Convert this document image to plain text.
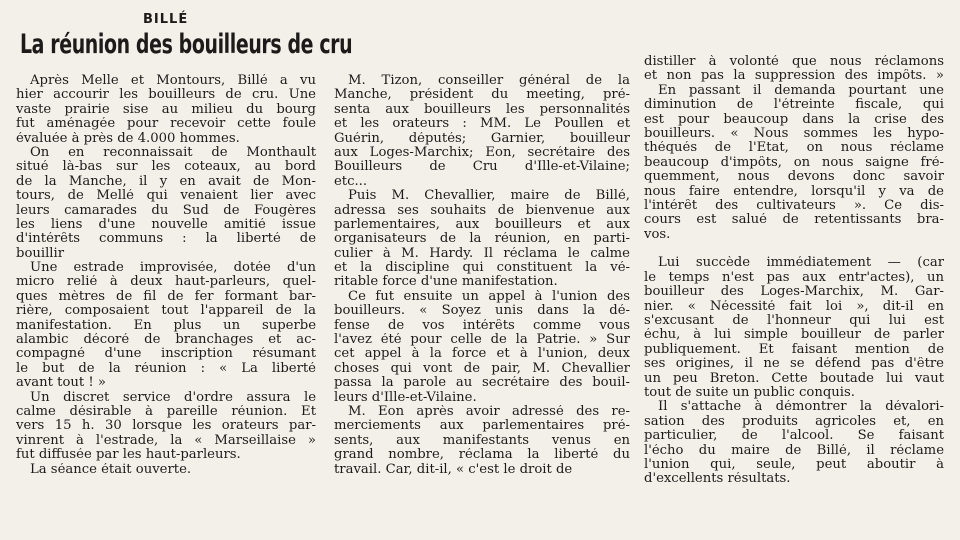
BILLÉ
La réunion des bouilleurs de cru
Après Melle et Montours, Billé a vu
hier accourir les bouilleurs de cru. Une
vaste prairie sise au milieu du bourg
fut aménagée pour recevoir cette foule
évaluée à près de 4.000 hommes.
On en reconnaissait de Monthault
situé là-bas sur les coteaux, au bord
de la Manche, il y en avait de Mon-
tours, de Mellé qui venaient lier avec
leurs camarades du Sud de Fougères
les liens d'une nouvelle amitié issue
d'intérêts communs : la liberté de
bouillir
Une estrade improvisée, dotée d'un
micro relié à deux haut-parleurs, quel-
ques mètres de fil de fer formant bar-
rière, composaient tout l'appareil de la
manifestation. En plus un superbe
alambic décoré de branchages et ac-
compagné d'une inscription résumant
le but de la réunion : « La liberté
avant tout ! »
Un discret service d'ordre assura le
calme désirable à pareille réunion. Et
vers 15 h. 30 lorsque les orateurs par-
vinrent à l'estrade, la « Marseillaise »
fut diffusée par les haut-parleurs.
La séance était ouverte.
M. Tizon, conseiller général de la
Manche, président du meeting, pré-
senta aux bouilleurs les personnalités
et les orateurs : MM. Le Poullen et
Guérin, députés; Garnier, bouilleur
aux Loges-Marchix; Eon, secrétaire des
Bouilleurs de Cru d'Ille-et-Vilaine;
etc...
Puis M. Chevallier, maire de Billé,
adressa ses souhaits de bienvenue aux
parlementaires, aux bouilleurs et aux
organisateurs de la réunion, en parti-
culier à M. Hardy. Il réclama le calme
et la discipline qui constituent la vé-
ritable force d'une manifestation.
Ce fut ensuite un appel à l'union des
bouilleurs. « Soyez unis dans la dé-
fense de vos intérêts comme vous
l'avez été pour celle de la Patrie. » Sur
cet appel à la force et à l'union, deux
choses qui vont de pair, M. Chevallier
passa la parole au secrétaire des bouil-
leurs d'Ille-et-Vilaine.
M. Eon après avoir adressé des re-
merciements aux parlementaires pré-
sents, aux manifestants venus en
grand nombre, réclama la liberté du
travail. Car, dit-il, « c'est le droit de
distiller à volonté que nous réclamons
et non pas la suppression des impôts. »
En passant il demanda pourtant une
diminution de l'étreinte fiscale, qui
est pour beaucoup dans la crise des
bouilleurs. « Nous sommes les hypo-
théqués de l'Etat, on nous réclame
beaucoup d'impôts, on nous saigne fré-
quemment, nous devons donc savoir
nous faire entendre, lorsqu'il y va de
l'intérêt des cultivateurs ». Ce dis-
cours est salué de retentissants bra-
vos.
Lui succède immédiatement — (car
le temps n'est pas aux entr'actes), un
bouilleur des Loges-Marchix, M. Gar-
nier. « Nécessité fait loi », dit-il en
s'excusant de l'honneur qui lui est
échu, à lui simple bouilleur de parler
publiquement. Et faisant mention de
ses origines, il ne se défend pas d'être
un peu Breton. Cette boutade lui vaut
tout de suite un public conquis.
Il s'attache à démontrer la dévalori-
sation des produits agricoles et, en
particulier, de l'alcool. Se faisant
l'écho du maire de Billé, il réclame
l'union qui, seule, peut aboutir à
d'excellents résultats.
